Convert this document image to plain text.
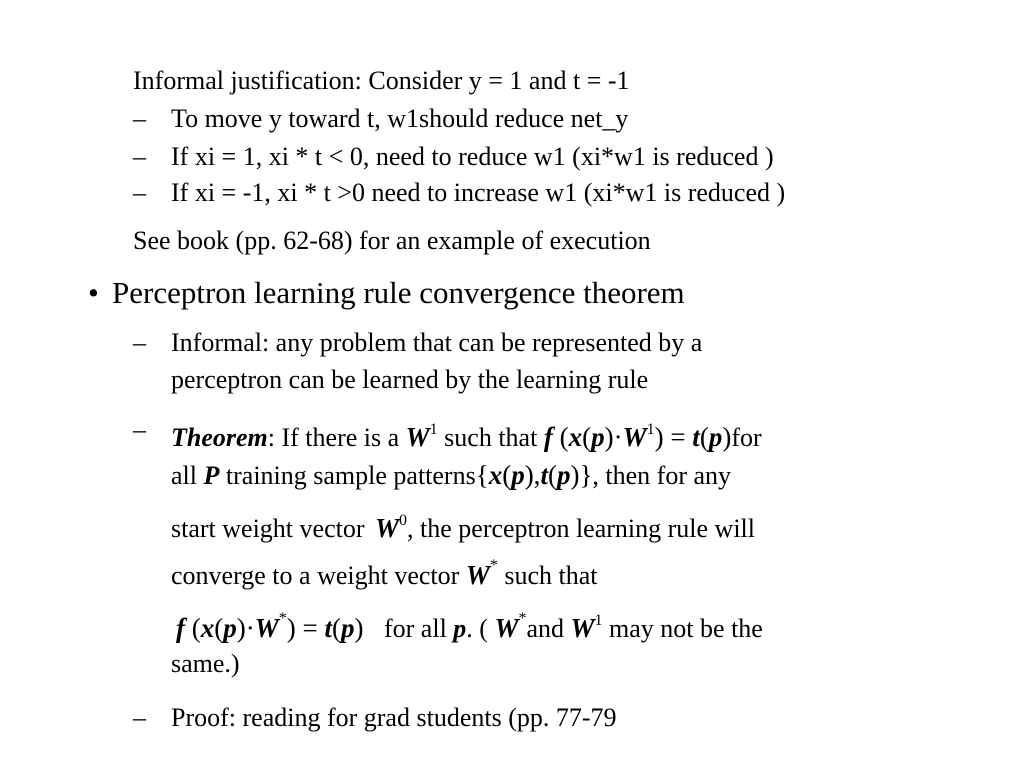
Informal justification: Consider y = 1 and t = -1
– To move y toward t, w1should reduce net_y
– If xi = 1, xi * t < 0, need to reduce w1 (xi*w1 is reduced )
– If xi = -1, xi * t >0 need to increase w1 (xi*w1 is reduced )
See book (pp. 62-68) for an example of execution
• Perceptron learning rule convergence theorem
– Informal: any problem that can be represented by a
perceptron can be learned by the learning rule
– Theorem: If there is a $W^1$ such that f $(x(p)\cdot W^1) = t(p)for$
all P training sample patterns{x(p),t(p)}, then for any
start weight vector $W^0$, the perceptron learning rule will
converge to a weight vector W* such that
f (x(p)·W*) = t(p) for all p. ( W*and $W^1$ may not be the
same.)
– Proof: reading for grad students (pp. 77-79
